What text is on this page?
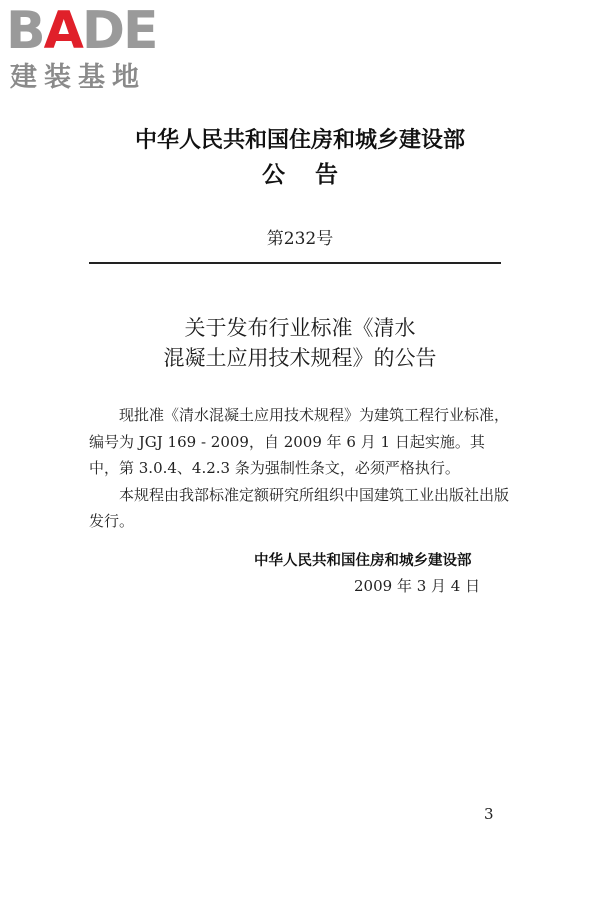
B A DE
建装基地
中华人民共和国住房和城乡建设部
公告
第232号
关于发布行业标准《清水
混凝土应用技术规程》的公告

现批准《清水混凝土应用技术规程》为建筑工程行业标准，编号为 JGJ 169 - 2009，自 2009 年 6 月 1 日起实施。其中，第 3.0.4、4.2.3 条为强制性条文，必须严格执行。

本规程由我部标准定额研究所组织中国建筑工业出版社出版发行。

中华人民共和国住房和城乡建设部
2009 年 3 月 4 日
3
